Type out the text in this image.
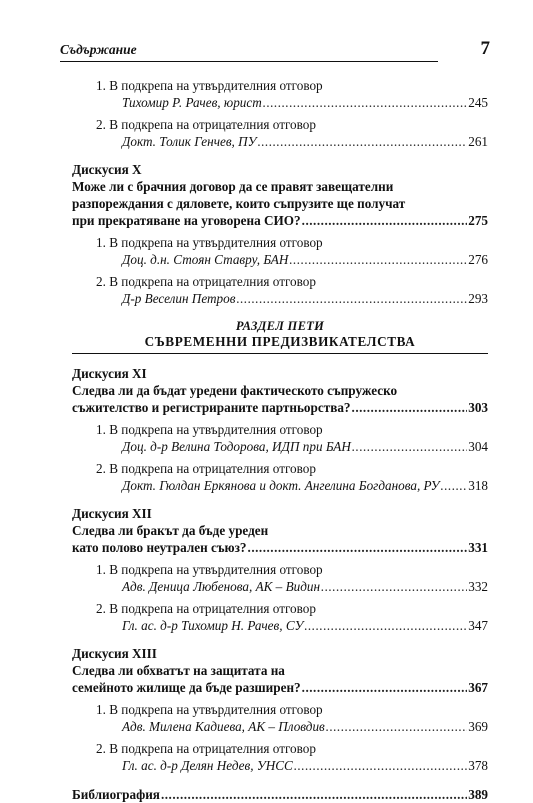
Съдържание	7
1. В подкрепа на утвърдителния отговор
Тихомир Р. Рачев, юрист .....	245
2. В подкрепа на отрицателния отговор
Докт. Толик Генчев, ПУ .....	261
Дискусия X
Може ли с брачния договор да се правят завещателни
разпореждания с дяловете, които съпрузите ще получат
при прекратяване на уговорена СИО? .....	275
1. В подкрепа на утвърдителния отговор
Доц. д.н. Стоян Ставру, БАН .....	276
2. В подкрепа на отрицателния отговор
Д-р Веселин Петров .....	293
РАЗДЕЛ ПЕТИ
СЪВРЕМЕННИ ПРЕДИЗВИКАТЕЛСТВА
Дискусия XI
Следва ли да бъдат уредени фактическото съпружеско
съжителство и регистрираните партньорства? .....	303
1. В подкрепа на утвърдителния отговор
Доц. д-р Велина Тодорова, ИДП при БАН .....	304
2. В подкрепа на отрицателния отговор
Докт. Гюлдан Еркянова и докт. Ангелина Богданова, РУ ..... 318
Дискусия XII
Следва ли бракът да бъде уреден
като полово неутрален съюз? .....	331
1. В подкрепа на утвърдителния отговор
Адв. Деница Любенова, АК – Видин .....	332
2. В подкрепа на отрицателния отговор
Гл. ас. д-р Тихомир Н. Рачев, СУ .....	347
Дискусия XIII
Следва ли обхватът на защитата на
семейното жилище да бъде разширен? .....	367
1. В подкрепа на утвърдителния отговор
Адв. Милена Кадиева, АК – Пловдив .....	369
2. В подкрепа на отрицателния отговор
Гл. ас. д-р Делян Недев, УНСС .....	378
Библиография .....	389
